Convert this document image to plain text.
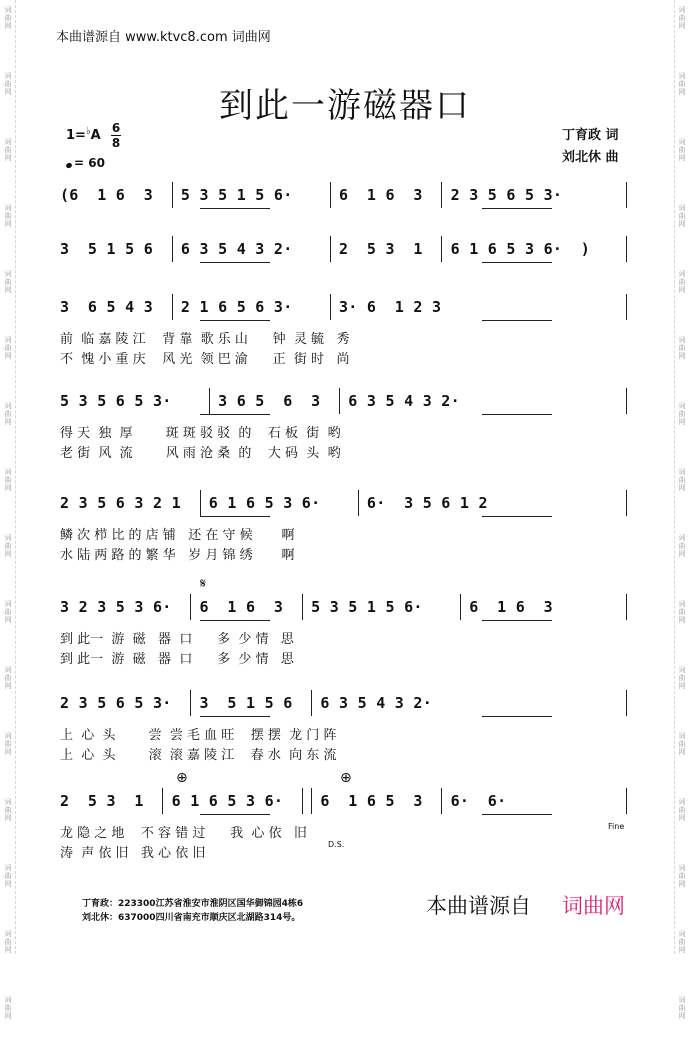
词
曲
网
词
曲
网
词
曲
网
词
曲
网
词
曲
网
词
曲
网
词
曲
网
词
曲
网
词
曲
网
词
曲
网
词
曲
网
词
曲
网
词
曲
网
词
曲
网
词
曲
网
词
曲
网
词
曲
网
词
曲
网
词
曲
网
词
曲
网
词
曲
网
词
曲
网
词
曲
网
词
曲
网
词
曲
网
词
曲
网
词
曲
网
词
曲
网
词
曲
网
词
曲
网
词
曲
网
词
曲
网
本曲谱源自 www.ktvc8.com 词曲网
到此一游磁器口
1=♭A 6
8
= 60
丁育政 词
刘北休 曲
( 6 1 6 3 5 3 5 1 5 6 ·	6 1 6 3 2 3 5 6 5 3 ·
3 5 1 5 6 6 3 5 4 3 2 ·	2 5 3 1 6 1 6 5 3 6 · )
3 6 5 4 3 2 1 6 5 6 3 ·	3 · 6 1 2 3
前  临 嘉 陵 江    背 靠  歌 乐 山      钟  灵 毓   秀
不  愧 小 重 庆    风 光  领 巴 渝      正  街 时   尚
5 3 5 6 5 3 ·	3 6 5 6 3 6 3 5 4 3 2 ·
得 天  独  厚        斑 斑 驳 驳  的    石 板  街  哟
老 街  风  流        风 雨 沧 桑  的    大 码  头  哟
2 3 5 6 3 2 1 6 1 6 5 3 6 ·	6 · 3 5 6 1 2
鳞 次 栉 比 的 店 铺   还 在 守 候       啊
水 陆 两 路 的 繁 华   岁 月 锦 绣       啊
3 2 3 5 3 6 · 6 1 6 3 5 3 5 1 5 6 ·	6 1 6 3
到 此一  游  磁   器  口      多  少 情   思
到 此一  游  磁   器  口      多  少 情   思
2 3 5 6 5 3 · 3 5 1 5 6 6 3 5 4 3 2 ·
上  心  头        尝  尝 毛 血 旺    摆 摆  龙 门 阵
上  心  头        滚  滚 嘉 陵 江    春 水  向 东 流
2 5 3 1 6 1 6 5 3 6 · 6 1 6 5 3 6 · 6 ·
龙 隐 之 地    不 容 错 过      我  心 依   旧
涛  声 依 旧   我 心 依 旧
丁育政：223300江苏省淮安市淮阴区国华御锦园4栋6
刘北休：637000四川省南充市顺庆区北湖路314号。	本曲谱源自 词曲网
𝄋
⊕	⊕
Fine
D.S.
